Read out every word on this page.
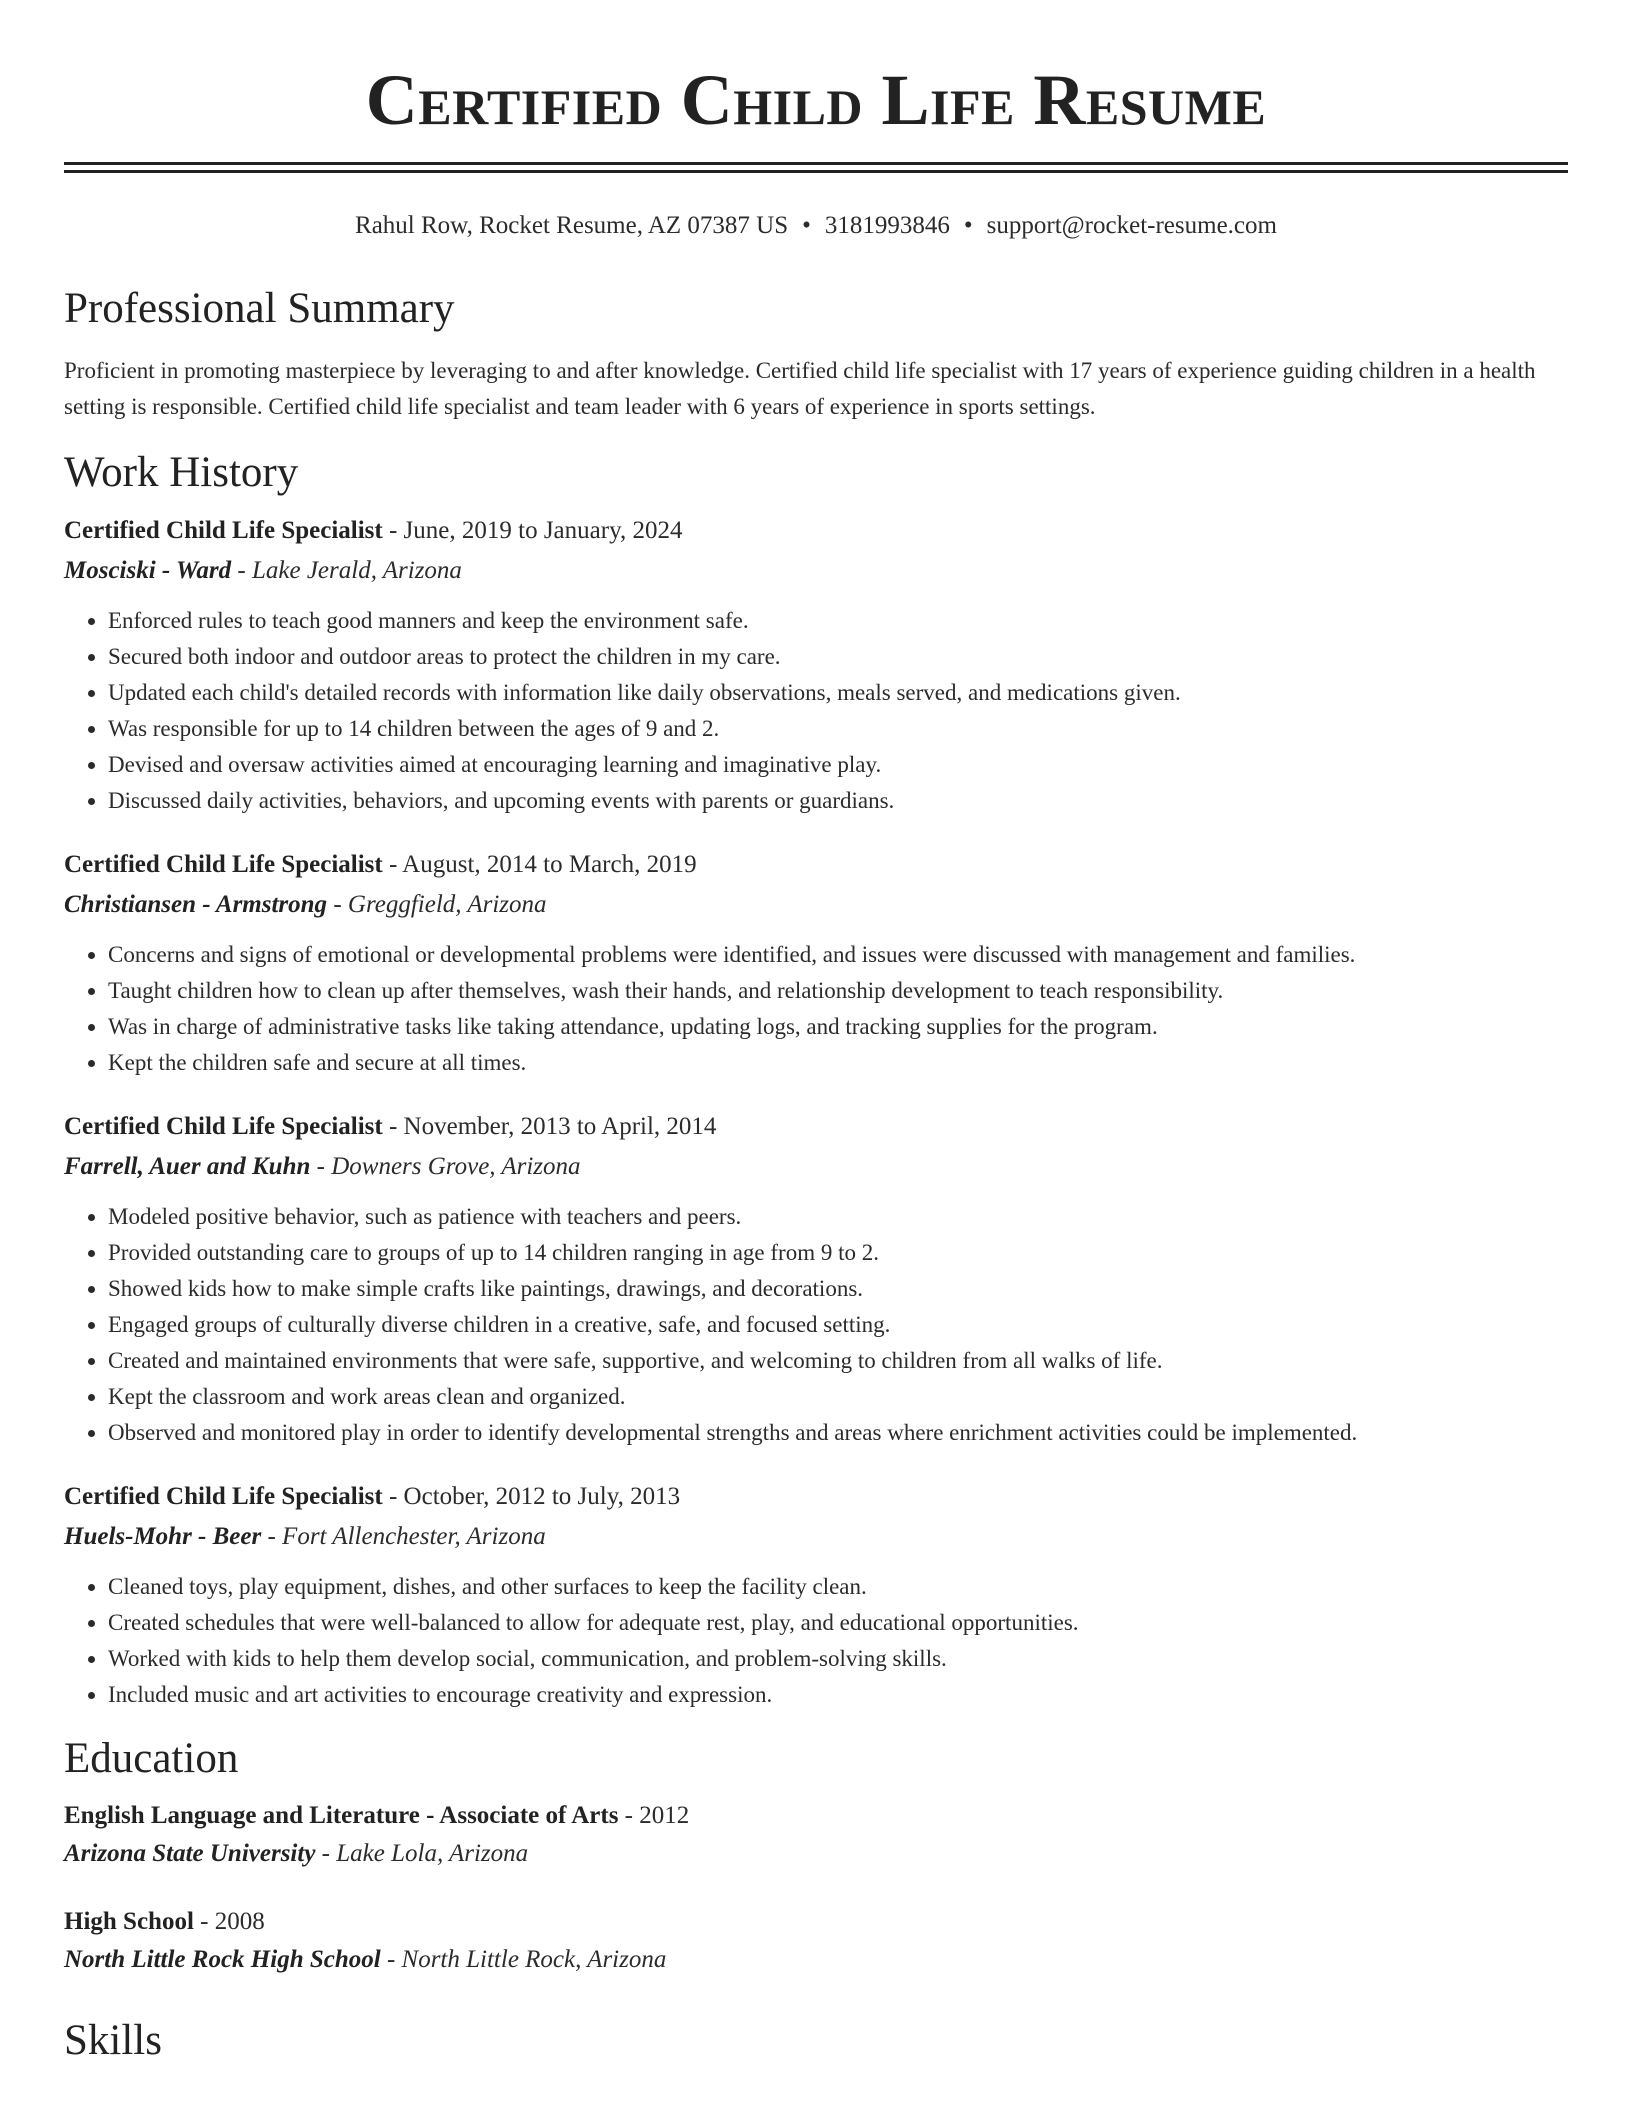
Certified Child Life Resume
Rahul Row, Rocket Resume, AZ 07387 US • 3181993846 • support@rocket-resume.com
Professional Summary
Proficient in promoting masterpiece by leveraging to and after knowledge. Certified child life specialist with 17 years of experience guiding children in a health setting is responsible. Certified child life specialist and team leader with 6 years of experience in sports settings.
Work History
Certified Child Life Specialist - June, 2019 to January, 2024
Mosciski - Ward - Lake Jerald, Arizona
• Enforced rules to teach good manners and keep the environment safe.
• Secured both indoor and outdoor areas to protect the children in my care.
• Updated each child's detailed records with information like daily observations, meals served, and medications given.
• Was responsible for up to 14 children between the ages of 9 and 2.
• Devised and oversaw activities aimed at encouraging learning and imaginative play.
• Discussed daily activities, behaviors, and upcoming events with parents or guardians.
Certified Child Life Specialist - August, 2014 to March, 2019
Christiansen - Armstrong - Greggfield, Arizona
• Concerns and signs of emotional or developmental problems were identified, and issues were discussed with management and families.
• Taught children how to clean up after themselves, wash their hands, and relationship development to teach responsibility.
• Was in charge of administrative tasks like taking attendance, updating logs, and tracking supplies for the program.
• Kept the children safe and secure at all times.
Certified Child Life Specialist - November, 2013 to April, 2014
Farrell, Auer and Kuhn - Downers Grove, Arizona
• Modeled positive behavior, such as patience with teachers and peers.
• Provided outstanding care to groups of up to 14 children ranging in age from 9 to 2.
• Showed kids how to make simple crafts like paintings, drawings, and decorations.
• Engaged groups of culturally diverse children in a creative, safe, and focused setting.
• Created and maintained environments that were safe, supportive, and welcoming to children from all walks of life.
• Kept the classroom and work areas clean and organized.
• Observed and monitored play in order to identify developmental strengths and areas where enrichment activities could be implemented.
Certified Child Life Specialist - October, 2012 to July, 2013
Huels-Mohr - Beer - Fort Allenchester, Arizona
• Cleaned toys, play equipment, dishes, and other surfaces to keep the facility clean.
• Created schedules that were well-balanced to allow for adequate rest, play, and educational opportunities.
• Worked with kids to help them develop social, communication, and problem-solving skills.
• Included music and art activities to encourage creativity and expression.
Education
English Language and Literature - Associate of Arts - 2012
Arizona State University - Lake Lola, Arizona
High School - 2008
North Little Rock High School - North Little Rock, Arizona
Skills
